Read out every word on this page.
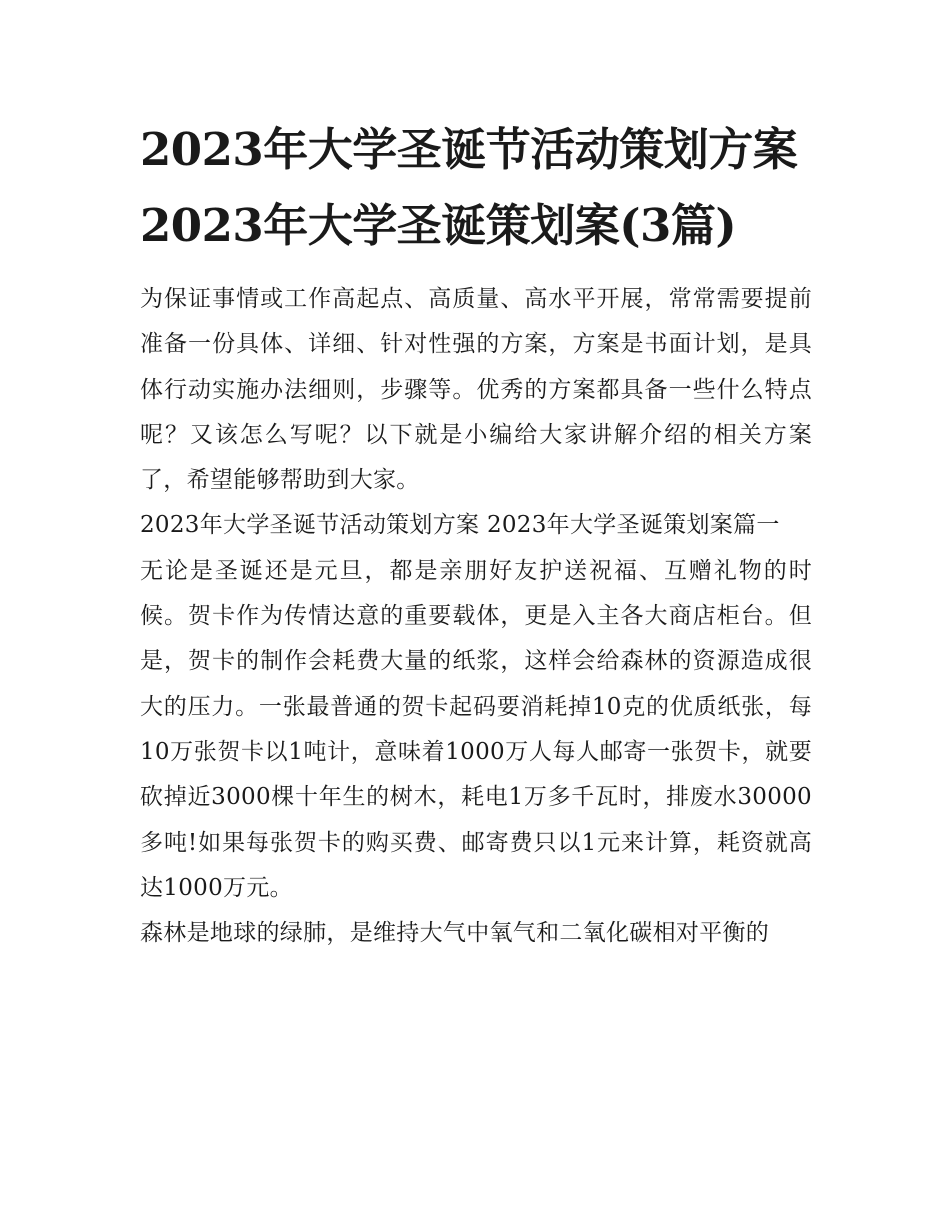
2023年大学圣诞节活动策划方案 2023年大学圣诞策划案(3篇)

为保证事情或工作高起点、高质量、高水平开展，常常需要提前准备一份具体、详细、针对性强的方案，方案是书面计划，是具体行动实施办法细则，步骤等。优秀的方案都具备一些什么特点呢？又该怎么写呢？以下就是小编给大家讲解介绍的相关方案了，希望能够帮助到大家。

2023年大学圣诞节活动策划方案 2023年大学圣诞策划案篇一

无论是圣诞还是元旦，都是亲朋好友护送祝福、互赠礼物的时候。贺卡作为传情达意的重要载体，更是入主各大商店柜台。但是，贺卡的制作会耗费大量的纸浆，这样会给森林的资源造成很大的压力。一张最普通的贺卡起码要消耗掉10克的优质纸张，每10万张贺卡以1吨计，意味着1000万人每人邮寄一张贺卡，就要砍掉近3000棵十年生的树木，耗电1万多千瓦时，排废水30000多吨!如果每张贺卡的购买费、邮寄费只以1元来计算，耗资就高达1000万元。

森林是地球的绿肺，是维持大气中氧气和二氧化碳相对平衡的
